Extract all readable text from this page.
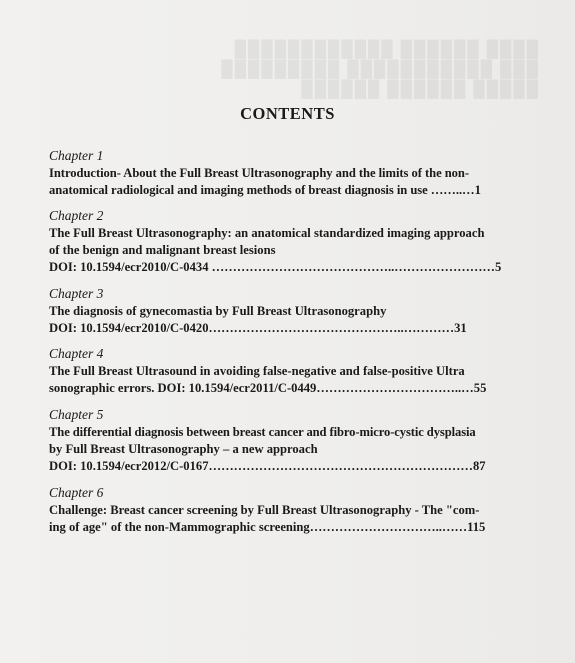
████ ██████ ████████████
███ ███████████ █████████
█████ ██████ ██████
CONTENTS
Chapter 1
Introduction- About the Full Breast Ultrasonography and the limits of the non-
anatomical radiological and imaging methods of breast diagnosis in use ……..…1
Chapter 2
The Full Breast Ultrasonography: an anatomical standardized imaging approach
of the benign and malignant breast lesions
DOI: 10.1594/ecr2010/C-0434 ……………………………………..……………………5
Chapter 3
The diagnosis of gynecomastia by Full Breast Ultrasonography
DOI: 10.1594/ecr2010/C-0420………………………………………..…………31
Chapter 4
The Full Breast Ultrasound in avoiding false-negative and false-positive Ultra
sonographic errors. DOI: 10.1594/ecr2011/C-0449……………………………..…55
Chapter 5
The differential diagnosis between breast cancer and fibro-micro-cystic dysplasia
by Full Breast Ultrasonography – a new approach
DOI: 10.1594/ecr2012/C-0167………………………………………………………87
Chapter 6
Challenge: Breast cancer screening by Full Breast Ultrasonography - The "com-
ing of age" of the non-Mammographic screening…………………………..……115
